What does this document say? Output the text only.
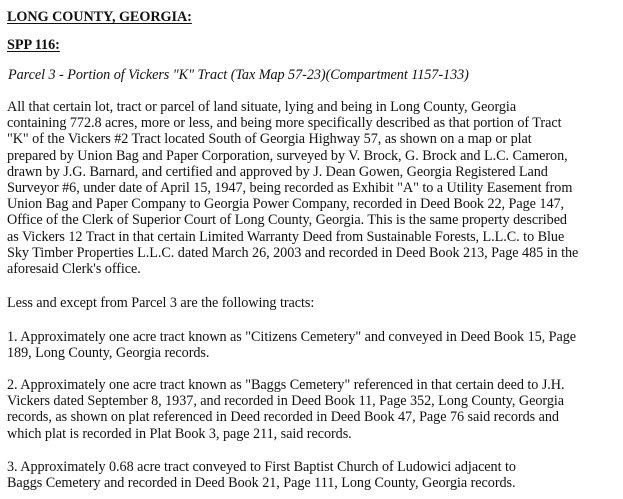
LONG COUNTY, GEORGIA:
SPP 116:
Parcel 3 - Portion of Vickers "K" Tract (Tax Map 57-23)(Compartment 1157-133)
All that certain lot, tract or parcel of land situate, lying and being in Long County, Georgia
containing 772.8 acres, more or less, and being more specifically described as that portion of Tract
"K" of the Vickers #2 Tract located South of Georgia Highway 57, as shown on a map or plat
prepared by Union Bag and Paper Corporation, surveyed by V. Brock, G. Brock and L.C. Cameron,
drawn by J.G. Barnard, and certified and approved by J. Dean Gowen, Georgia Registered Land
Surveyor #6, under date of April 15, 1947, being recorded as Exhibit "A" to a Utility Easement from
Union Bag and Paper Company to Georgia Power Company, recorded in Deed Book 22, Page 147,
Office of the Clerk of Superior Court of Long County, Georgia. This is the same property described
as Vickers 12 Tract in that certain Limited Warranty Deed from Sustainable Forests, L.L.C. to Blue
Sky Timber Properties L.L.C. dated March 26, 2003 and recorded in Deed Book 213, Page 485 in the
aforesaid Clerk's office.
Less and except from Parcel 3 are the following tracts:
1. Approximately one acre tract known as "Citizens Cemetery" and conveyed in Deed Book 15, Page
189, Long County, Georgia records.
2. Approximately one acre tract known as "Baggs Cemetery" referenced in that certain deed to J.H.
Vickers dated September 8, 1937, and recorded in Deed Book 11, Page 352, Long County, Georgia
records, as shown on plat referenced in Deed recorded in Deed Book 47, Page 76 said records and
which plat is recorded in Plat Book 3, page 211, said records.
3. Approximately 0.68 acre tract conveyed to First Baptist Church of Ludowici adjacent to
Baggs Cemetery and recorded in Deed Book 21, Page 111, Long County, Georgia records.
